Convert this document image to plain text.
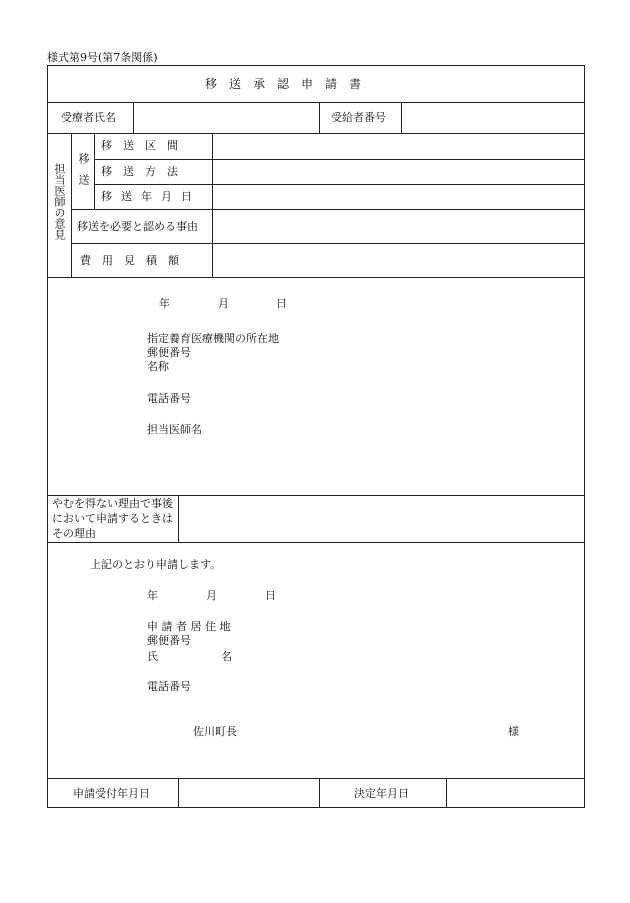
様式第9号(第7条関係)
移　送　承　認　申　請　書
受療者氏名	受給者番号
担当医師の意見 移送
移　送　区　間
移　送　方　法
移　送　年　月　日
移送を必要と認める事由
費　用　見　積　額
年	月	日
指定養育医療機関の所在地
郵便番号
名称
電話番号
担当医師名
やむを得ない理由で事後において申請するときはその理由
上記のとおり申請します。
年	月	日
申 請 者 居 住 地
郵便番号
氏	名
電話番号
佐川町長	様
申請受付年月日	決定年月日
